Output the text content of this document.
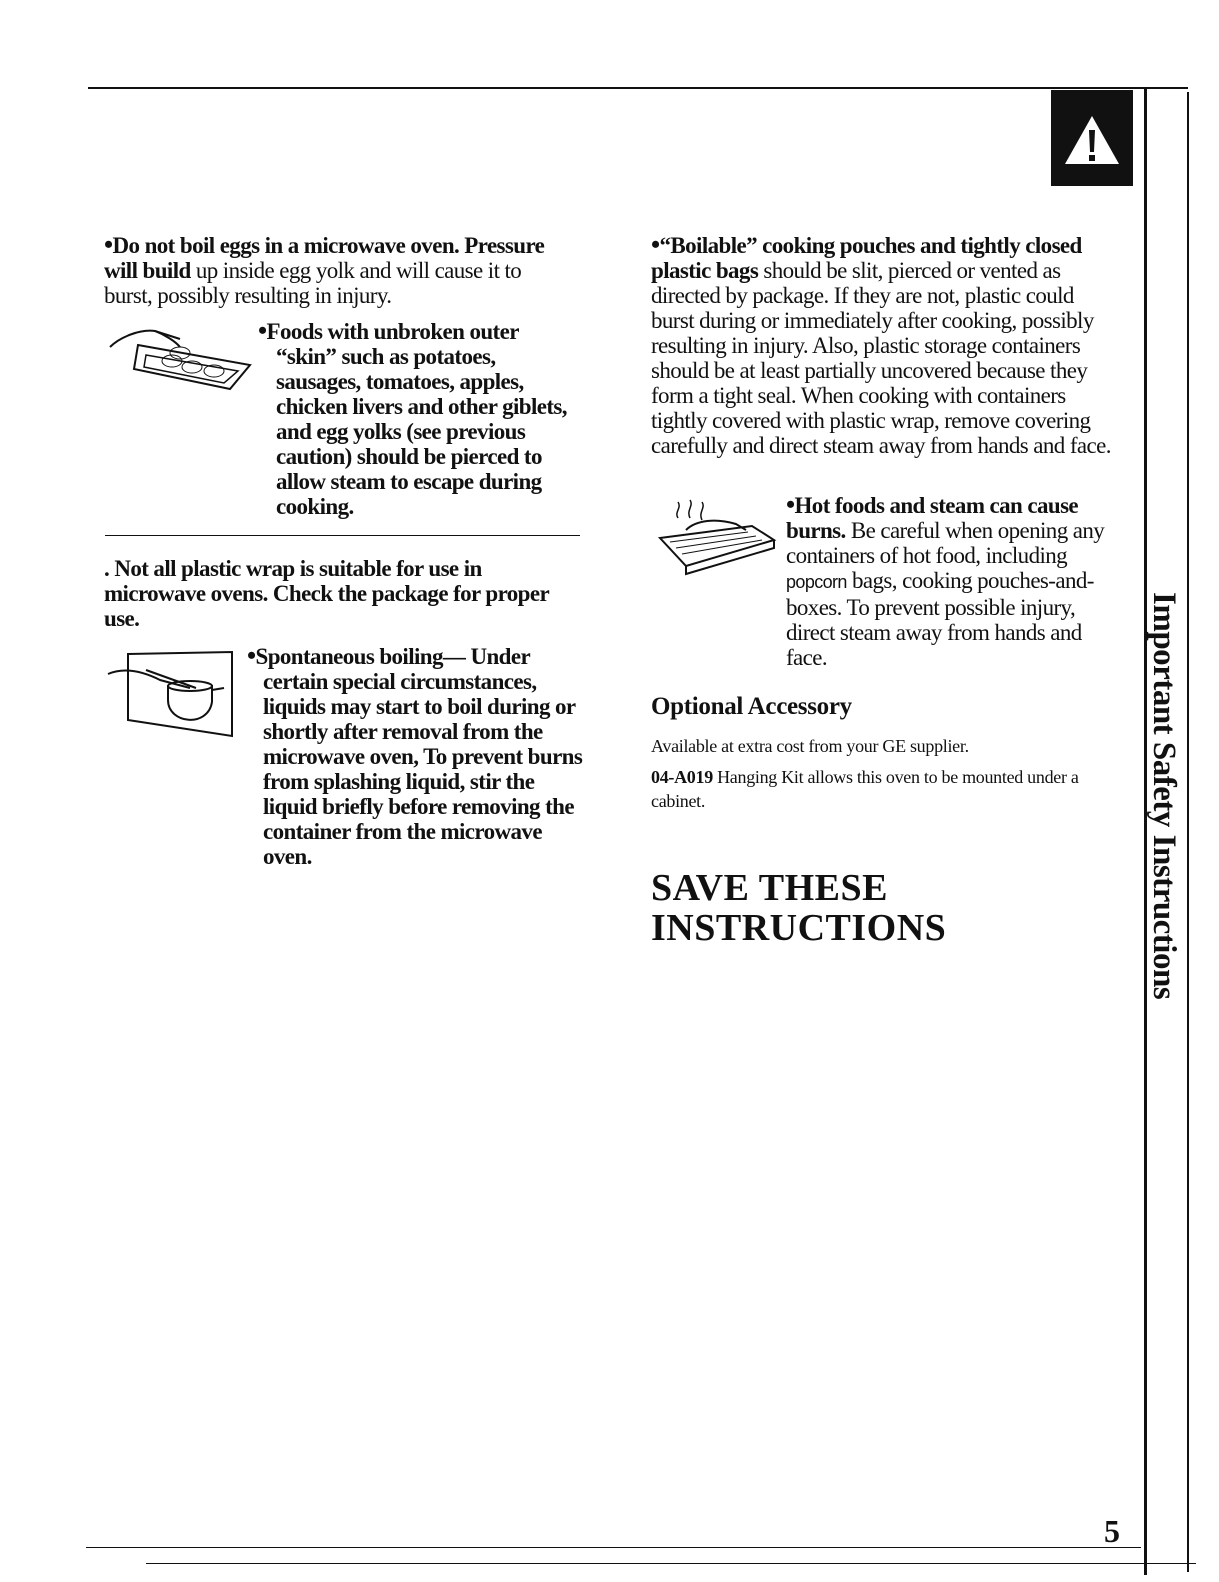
•Do not boil eggs in a microwave oven. Pressure will build up inside egg yolk and will cause it to burst, possibly resulting in injury.

•Foods with unbroken outer

“skin” such as potatoes, sausages, tomatoes, apples, chicken livers and other giblets, and egg yolks (see previous caution) should be pierced to allow steam to escape during cooking.

. Not all plastic wrap is suitable for use in microwave ovens. Check the package for proper use.

•Spontaneous boiling— Under

certain special circumstances, liquids may start to boil during or shortly after removal from the microwave oven, To prevent burns from splashing liquid, stir the liquid briefly before removing the container from the microwave oven.

•“Boilable” cooking pouches and tightly closed plastic bags should be slit, pierced or vented as directed by package. If they are not, plastic could burst during or immediately after cooking, possibly resulting in injury. Also, plastic storage containers should be at least partially uncovered because they form a tight seal. When cooking with containers tightly covered with plastic wrap, remove covering carefully and direct steam away from hands and face.
•Hot foods and steam can cause burns. Be careful when opening any containers of hot food, including popcorn bags, cooking pouches-and-boxes. To prevent possible injury, direct steam away from hands and face.
Optional Accessory
Available at extra cost from your GE supplier.
04-A019 Hanging Kit allows this oven to be mounted under a cabinet.

SAVE THESE

INSTRUCTIONS	Important Safety Instructions
5
